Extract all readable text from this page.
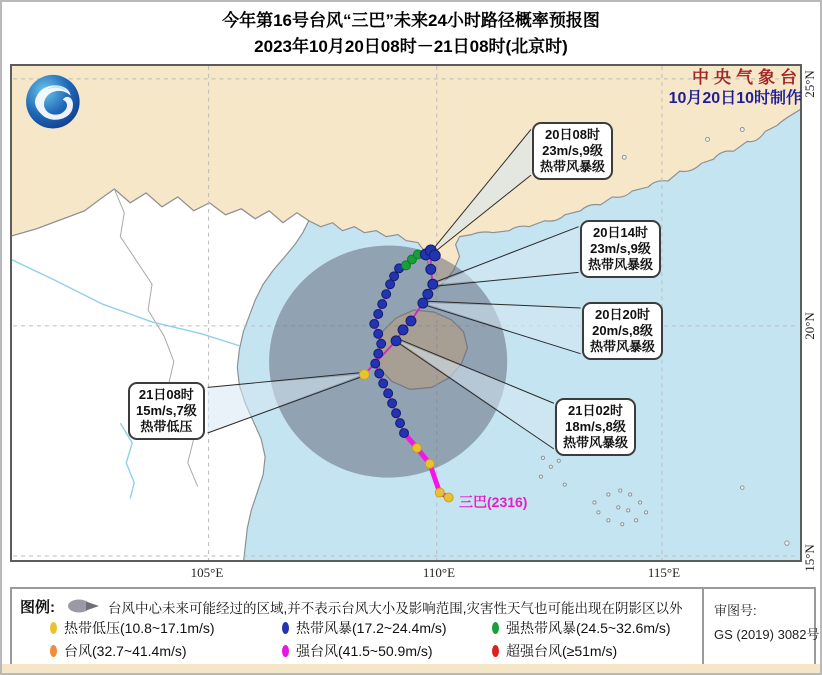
今年第16号台风“三巴”未来24小时路径概率预报图
2023年10月20日08时－21日08时(北京时)
三巴(2316)
中央气象台
10月20日10时制作
20日08时
23m/s,9级
热带风暴级
20日14时
23m/s,9级
热带风暴级
20日20时
20m/s,8级
热带风暴级
21日02时
18m/s,8级
热带风暴级
21日08时
15m/s,7级
热带低压
105°E	110°E	115°E
25°N
20°N
15°N
图例:	台风中心未来可能经过的区域,并不表示台风大小及影响范围,灾害性天气也可能出现在阴影区以外
热带低压(10.8~17.1m/s)	热带风暴(17.2~24.4m/s)	强热带风暴(24.5~32.6m/s)
台风(32.7~41.4m/s)	强台风(41.5~50.9m/s)	超强台风(≥51m/s)
审图号:
GS (2019) 3082号
